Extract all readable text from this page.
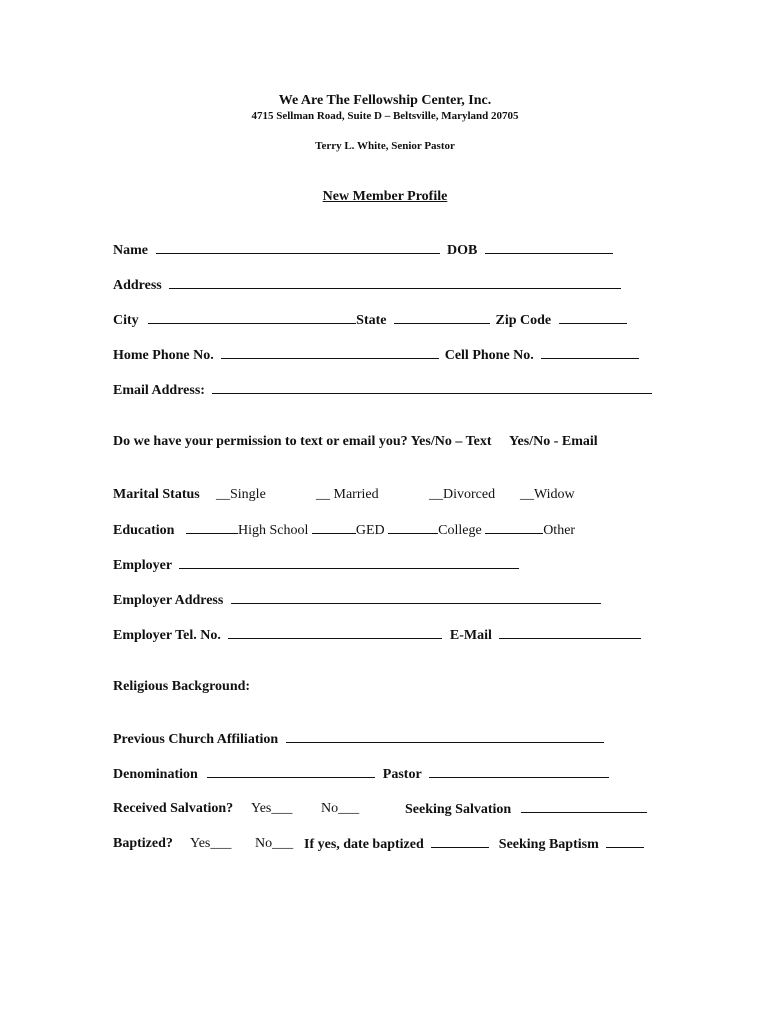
We Are The Fellowship Center, Inc.
4715 Sellman Road, Suite D – Beltsville, Maryland 20705
Terry L. White, Senior Pastor
New Member Profile
Name	DOB
Address
City	State	Zip Code
Home Phone No.	Cell Phone No.
Email Address:
Do we have your permission to text or email you? Yes/No – Text Yes/No - Email
Marital Status __Single	__ Married	__Divorced __Widow
Education	High School	GED	College	Other
Employer
Employer Address
Employer Tel. No.	E-Mail
Religious Background:
Previous Church Affiliation
Denomination	Pastor
Received Salvation? Yes___ No___	Seeking Salvation
Baptized? Yes___ No___ If yes, date baptized	Seeking Baptism
